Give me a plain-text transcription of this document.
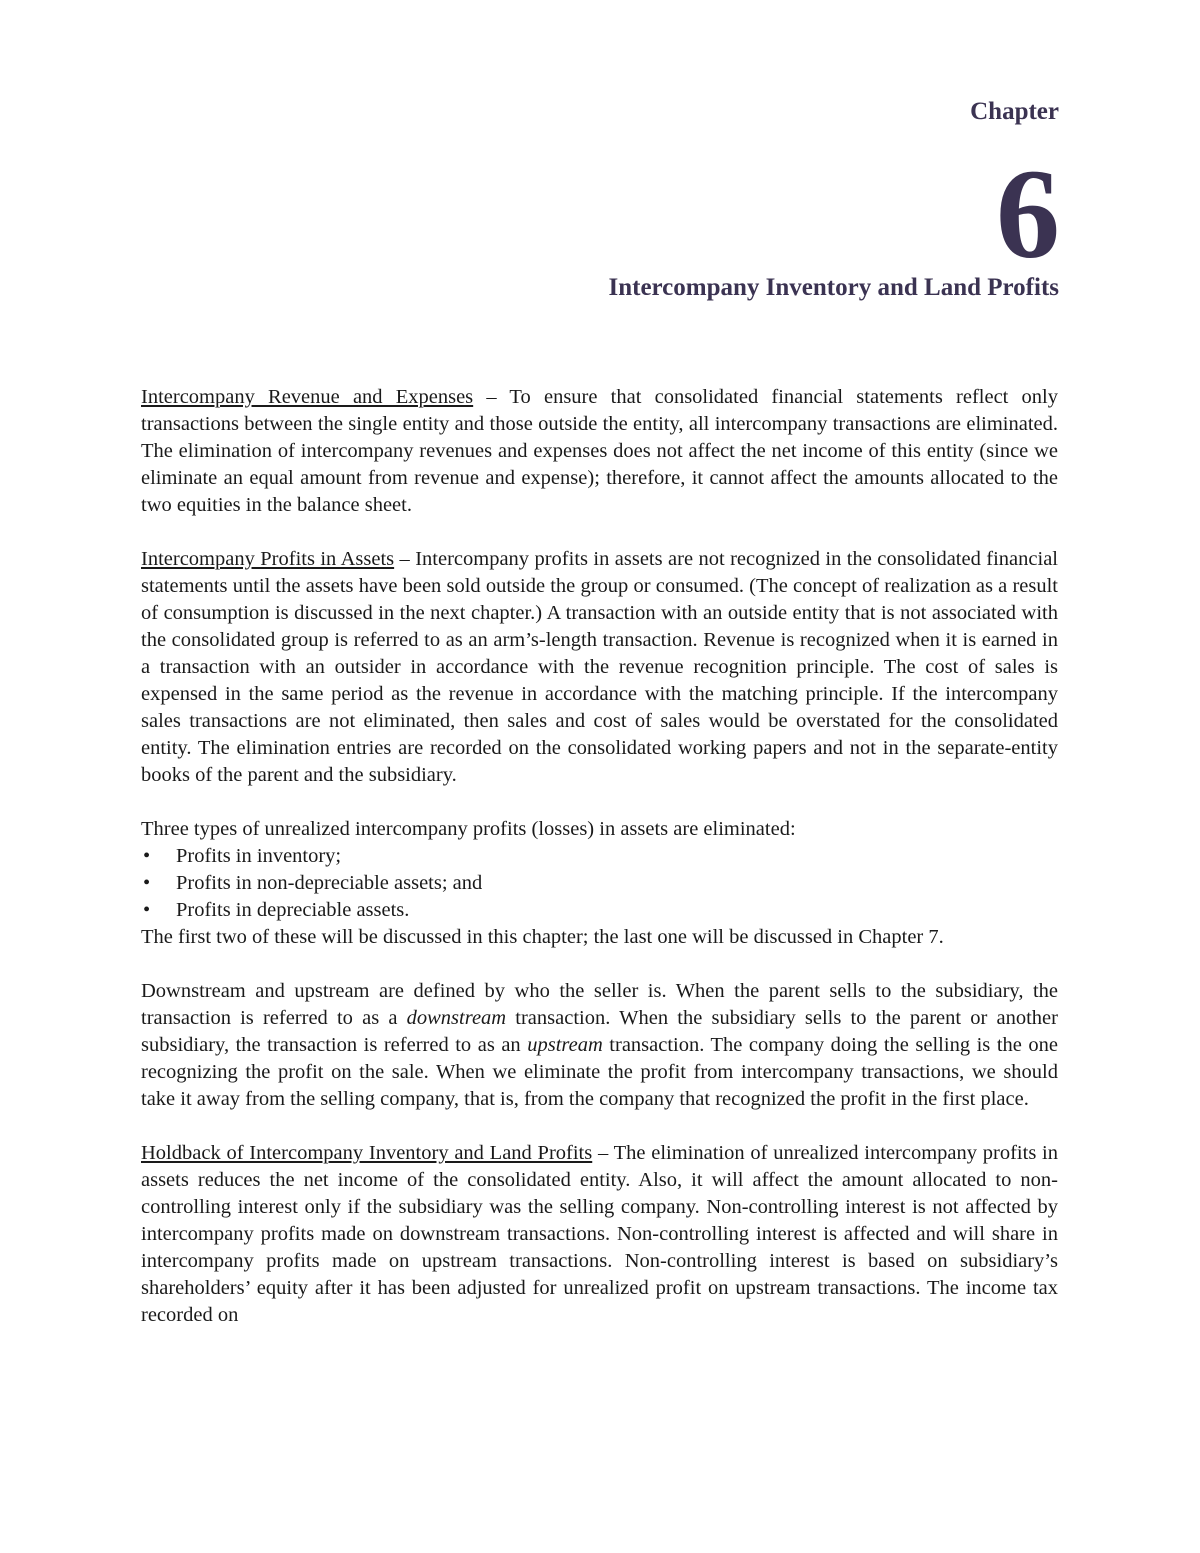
Chapter
6
Intercompany Inventory and Land Profits

Intercompany Revenue and Expenses – To ensure that consolidated financial statements reflect only transactions between the single entity and those outside the entity, all intercompany transactions are eliminated. The elimination of intercompany revenues and expenses does not affect the net income of this entity (since we eliminate an equal amount from revenue and expense); therefore, it cannot affect the amounts allocated to the two equities in the balance sheet.

Intercompany Profits in Assets – Intercompany profits in assets are not recognized in the consolidated financial statements until the assets have been sold outside the group or consumed. (The concept of realization as a result of consumption is discussed in the next chapter.) A transaction with an outside entity that is not associated with the consolidated group is referred to as an arm’s-length transaction. Revenue is recognized when it is earned in a transaction with an outsider in accordance with the revenue recognition principle. The cost of sales is expensed in the same period as the revenue in accordance with the matching principle. If the intercompany sales transactions are not eliminated, then sales and cost of sales would be overstated for the consolidated entity. The elimination entries are recorded on the consolidated working papers and not in the separate-entity books of the parent and the subsidiary.

Three types of unrealized intercompany profits (losses) in assets are eliminated:
• Profits in inventory;
• Profits in non-depreciable assets; and
• Profits in depreciable assets.
The first two of these will be discussed in this chapter; the last one will be discussed in Chapter 7.

Downstream and upstream are defined by who the seller is. When the parent sells to the subsidiary, the transaction is referred to as a downstream transaction. When the subsidiary sells to the parent or another subsidiary, the transaction is referred to as an upstream transaction. The company doing the selling is the one recognizing the profit on the sale. When we eliminate the profit from intercompany transactions, we should take it away from the selling company, that is, from the company that recognized the profit in the first place.

Holdback of Intercompany Inventory and Land Profits – The elimination of unrealized intercompany profits in assets reduces the net income of the consolidated entity. Also, it will affect the amount allocated to non-controlling interest only if the subsidiary was the selling company. Non-controlling interest is not affected by intercompany profits made on downstream transactions. Non-controlling interest is affected and will share in intercompany profits made on upstream transactions. Non-controlling interest is based on subsidiary’s shareholders’ equity after it has been adjusted for unrealized profit on upstream transactions. The income tax recorded on
